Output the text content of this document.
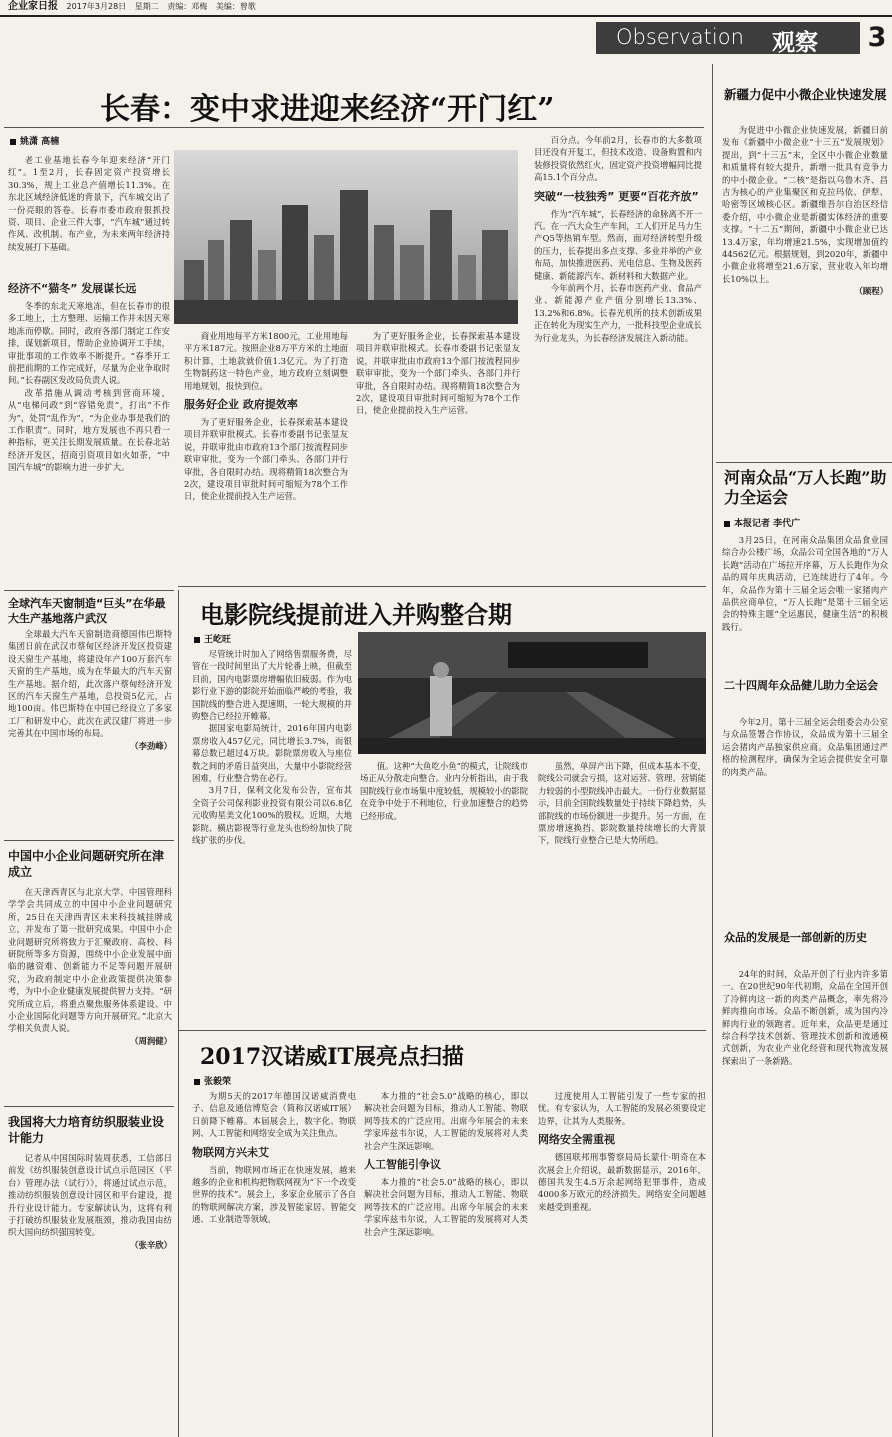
企业家日报 2017年3月28日 星期二 责编：邓梅 美编：曾歌
Observation 观察 3
长春：变中求进迎来经济“开门红”
姚潇 高楠

老工业基地长春今年迎来经济“开门红”。1至2月，长春固定资产投资增长30.3%，规上工业总产值增长11.3%。在东北区域经济低迷的背景下，汽车城交出了一份亮眼的答卷。长春市委市政府狠抓投资、项目、企业三件大事，“汽车城”通过转作风、改机制、布产业，为未来两年经济持续发展打下基础。

经济不“猫冬” 发展谋长远

冬季的东北天寒地冻，但在长春市的很多工地上，土方整理、运输工作并未因天寒地冻而停歇。同时，政府各部门制定工作安排，谋划新项目，帮助企业协调开工手续，审批事项的工作效率不断提升。“春季开工前把前期的工作完成好，尽量为企业争取时间。”长春副区发改局负责人说。

改革措施从调动考核到营商环境，从“电梯问政”到“容错免责”，打出“不作为”，处罚“乱作为”，“为企业办事是我们的工作职责”。同时，地方发展也不再只看一种指标，更关注长期发展质量。在长春北站经济开发区，招商引资项目如火如荼，“中国汽车城”的影响力进一步扩大。

商业用地每平方米1800元，工业用地每平方米187元。按照企业8万平方米的土地面积计算，土地款就价值1.3亿元。为了打造生物制药这一特色产业，地方政府立刻调整用地规划，报快到位。

服务好企业 政府提效率

为了更好服务企业，长春探索基本建设项目并联审批模式。长春市委副书记张显友说，并联审批由市政府13个部门按流程同步联审审批，变为一个部门牵头、各部门并行审批，各自限时办结。现将精简18次整合为2次，建设项目审批时间可缩短为78个工作日，使企业提前投入生产运营。

为了更好服务企业，长春探索基本建设项目并联审批模式。长春市委副书记张显友说，并联审批由市政府13个部门按流程同步联审审批，变为一个部门牵头、各部门并行审批，各自限时办结。现将精简18次整合为2次，建设项目审批时间可缩短为78个工作日，使企业提前投入生产运营。

百分点。今年前2月，长春市的大多数项目还没有开复工，但技术改造、设备购置和内装修投资依然红火，固定资产投资增幅同比提高15.1个百分点。

突破“一枝独秀” 更要“百花齐放”

作为“汽车城”，长春经济的命脉离不开一汽。在一汽大众生产车间，工人们开足马力生产Q5等热销车型。然而，面对经济转型升级的压力，长春提出多点支撑、多业并举的产业布局，加快推进医药、光电信息、生物及医药健康、新能源汽车、新材料和大数据产业。

今年前两个月，长春市医药产业、食品产业、新能源产业产值分别增长13.3%、13.2%和6.8%。长春光机所的技术创新成果正在转化为现实生产力，一批科技型企业成长为行业龙头，为长春经济发展注入新动能。

电影院线提前进入并购整合期
王屹旺

尽管统计时加入了网络售票服务费，尽管在一段时间里出了大片轮番上映，但截至目前，国内电影票房增幅依旧疲弱。作为电影行业下游的影院开始面临严峻的考验，我国院线的整合进入提速期，一轮大规模的并购整合已经拉开帷幕。

据国家电影局统计，2016年国内电影票房收入457亿元，同比增长3.7%，而银幕总数已超过4万块。影院票房收入与座位数之间的矛盾日益突出，大量中小影院经营困难，行业整合势在必行。

3月7日，保利文化发布公告，宣布其全资子公司保利影业投资有限公司以6.8亿元收购星美文化100%的股权。近期，大地影院、横店影视等行业龙头也纷纷加快了院线扩张的步伐。

值。这种“大鱼吃小鱼”的模式，让院线市场正从分散走向整合。业内分析指出，由于我国院线行业市场集中度较低，规模较小的影院在竞争中处于不利地位，行业加速整合的趋势已经形成。

虽然，单屏产出下降，但成本基本不变，院线公司就会亏损，这对运营、管理、营销能力较弱的小型院线冲击最大。一份行业数据显示，目前全国院线数量处于持续下降趋势，头部院线的市场份额进一步提升。另一方面，在票房增速换挡、影院数量持续增长的大背景下，院线行业整合已是大势所趋。

全球汽车天窗制造“巨头”在华最大生产基地落户武汉

全球最大汽车天窗制造商德国伟巴斯特集团日前在武汉市蔡甸区经济开发区投资建设天窗生产基地，将建设年产100万套汽车天窗的生产基地，成为在华最大的汽车天窗生产基地。据介绍，此次落户蔡甸经济开发区的汽车天窗生产基地，总投资5亿元，占地100亩。伟巴斯特在中国已经设立了多家工厂和研发中心，此次在武汉建厂将进一步完善其在中国市场的布局。

（李劲峰）

中国中小企业问题研究所在津成立

在天津西青区与北京大学、中国管理科学学会共同成立的中国中小企业问题研究所，25日在天津西青区未来科技城挂牌成立，并发布了第一批研究成果。中国中小企业问题研究所将致力于汇聚政府、高校、科研院所等多方资源，围绕中小企业发展中面临的融资难、创新能力不足等问题开展研究，为政府制定中小企业政策提供决策参考，为中小企业健康发展提供智力支持。“研究所成立后，将重点聚焦服务体系建设、中小企业国际化问题等方向开展研究。”北京大学相关负责人说。

（周润健）

我国将大力培育纺织服装业设计能力

记者从中国国际时装周获悉，工信部日前发《纺织服装创意设计试点示范园区（平台）管理办法（试行）》，将通过试点示范，推动纺织服装创意设计园区和平台建设，提升行业设计能力。专家解读认为，这将有利于打破纺织服装业发展瓶颈，推动我国由纺织大国向纺织强国转变。

（张辛欣）

2017汉诺威IT展亮点扫描
张毅荣

为期5天的2017年德国汉诺威消费电子、信息及通信博览会（简称汉诺威IT展）日前降下帷幕。本届展会上，数字化、物联网、人工智能和网络安全成为关注焦点。

物联网方兴未艾

当前，物联网市场正在快速发展，越来越多的企业和机构把物联网视为“下一个改变世界的技术”。展会上，多家企业展示了各自的物联网解决方案，涉及智能家居、智能交通、工业制造等领域。

本力推的“社会5.0”战略的核心，即以解决社会问题为目标，推动人工智能、物联网等技术的广泛应用。出席今年展会的未来学家库兹韦尔说，人工智能的发展将对人类社会产生深远影响。

人工智能引争议

本力推的“社会5.0”战略的核心，即以解决社会问题为目标，推动人工智能、物联网等技术的广泛应用。出席今年展会的未来学家库兹韦尔说，人工智能的发展将对人类社会产生深远影响。

过度使用人工智能引发了一些专家的担忧。有专家认为，人工智能的发展必须要设定边界，让其为人类服务。

网络安全需重视

德国联邦刑事警察局局长蒙什·明奇在本次展会上介绍说，最新数据显示，2016年，德国共发生4.5万余起网络犯罪事件，造成4000多万欧元的经济损失。网络安全问题越来越受到重视。

新疆力促中小微企业快速发展

为促进中小微企业快速发展，新疆日前发布《新疆中小微企业“十三五”发展规划》提出，到“十三五”末，全区中小微企业数量和质量将有较大提升，新增一批具有竞争力的中小微企业。“二核”是指以乌鲁木齐、昌吉为核心的产业集聚区和克拉玛依、伊犁、哈密等区域核心区。新疆维吾尔自治区经信委介绍，中小微企业是新疆实体经济的重要支撑。“十二五”期间，新疆中小微企业已达13.4万家，年均增速21.5%，实现增加值约44562亿元。根据规划，到2020年，新疆中小微企业将增至21.6万家，营业收入年均增长10%以上。

（顾程）

河南众品“万人长跑”助力全运会
本报记者 李代广

3月25日，在河南众品集团众品食业园综合办公楼广场，众品公司全国各地的“万人长跑”活动在广场拉开序幕，万人长跑作为众品的周年庆典活动，已连续进行了4年。今年，众品作为第十三届全运会唯一家猪肉产品供应商单位，“万人长跑”是第十三届全运会的特殊主题“全运惠民，健康生活”的积极践行。

二十四周年众品健儿助力全运会

今年2月，第十三届全运会组委会办公室与众品签署合作协议，众品成为第十三届全运会猪肉产品独家供应商。众品集团通过严格的检测程序，确保为全运会提供安全可靠的肉类产品。

众品的发展是一部创新的历史

24年的时间，众品开创了行业内许多第一。在20世纪90年代初期，众品在全国开创了冷鲜肉这一新的肉类产品概念，率先将冷鲜肉推向市场。众品不断创新，成为国内冷鲜肉行业的领跑者。近年来，众品更是通过综合科学技术创新、管理技术创新和流通模式创新，为农业产业化经营和现代物流发展探索出了一条新路。
